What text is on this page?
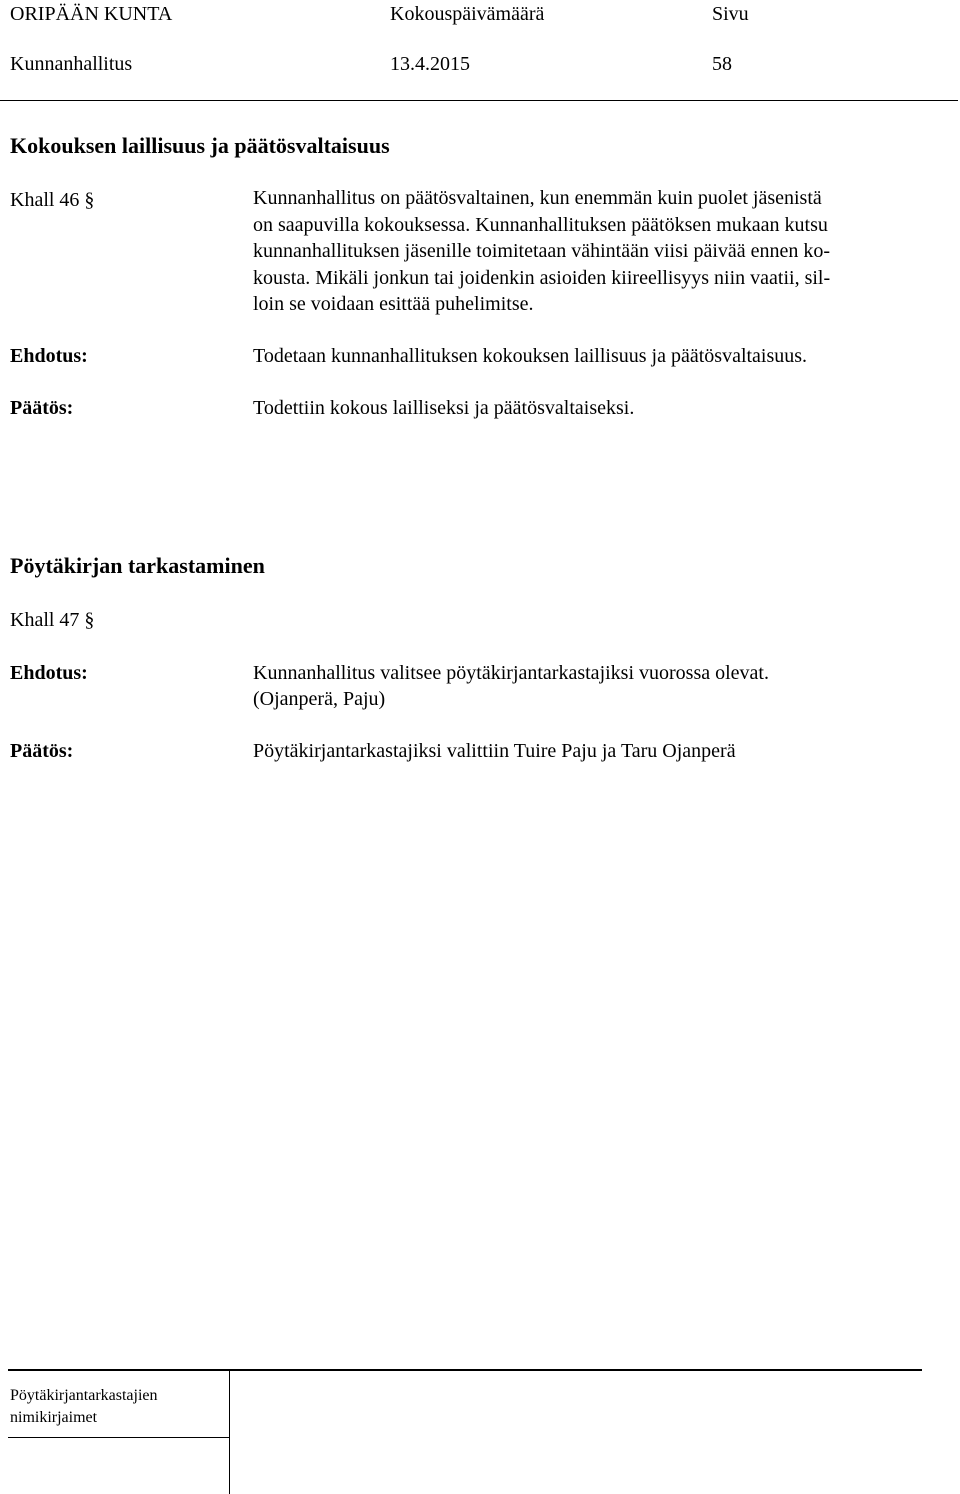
ORIPÄÄN KUNTA	Kokouspäivämäärä	Sivu
Kunnanhallitus	13.4.2015	58
Kokouksen laillisuus ja päätösvaltaisuus
Khall 46 §	Kunnanhallitus on päätösvaltainen, kun enemmän kuin puolet jäsenistä
on saapuvilla kokouksessa. Kunnanhallituksen päätöksen mukaan kutsu
kunnanhallituksen jäsenille toimitetaan vähintään viisi päivää ennen ko-
kousta. Mikäli jonkun tai joidenkin asioiden kiireellisyys niin vaatii, sil-
loin se voidaan esittää puhelimitse.

Ehdotus:	Todetaan kunnanhallituksen kokouksen laillisuus ja päätösvaltaisuus.
Päätös:	Todettiin kokous lailliseksi ja päätösvaltaiseksi.
Pöytäkirjan tarkastaminen
Khall 47 §
Ehdotus:	Kunnanhallitus valitsee pöytäkirjantarkastajiksi vuorossa olevat.
(Ojanperä, Paju)
Päätös:	Pöytäkirjantarkastajiksi valittiin Tuire Paju ja Taru Ojanperä
Pöytäkirjantarkastajien
nimikirjaimet
